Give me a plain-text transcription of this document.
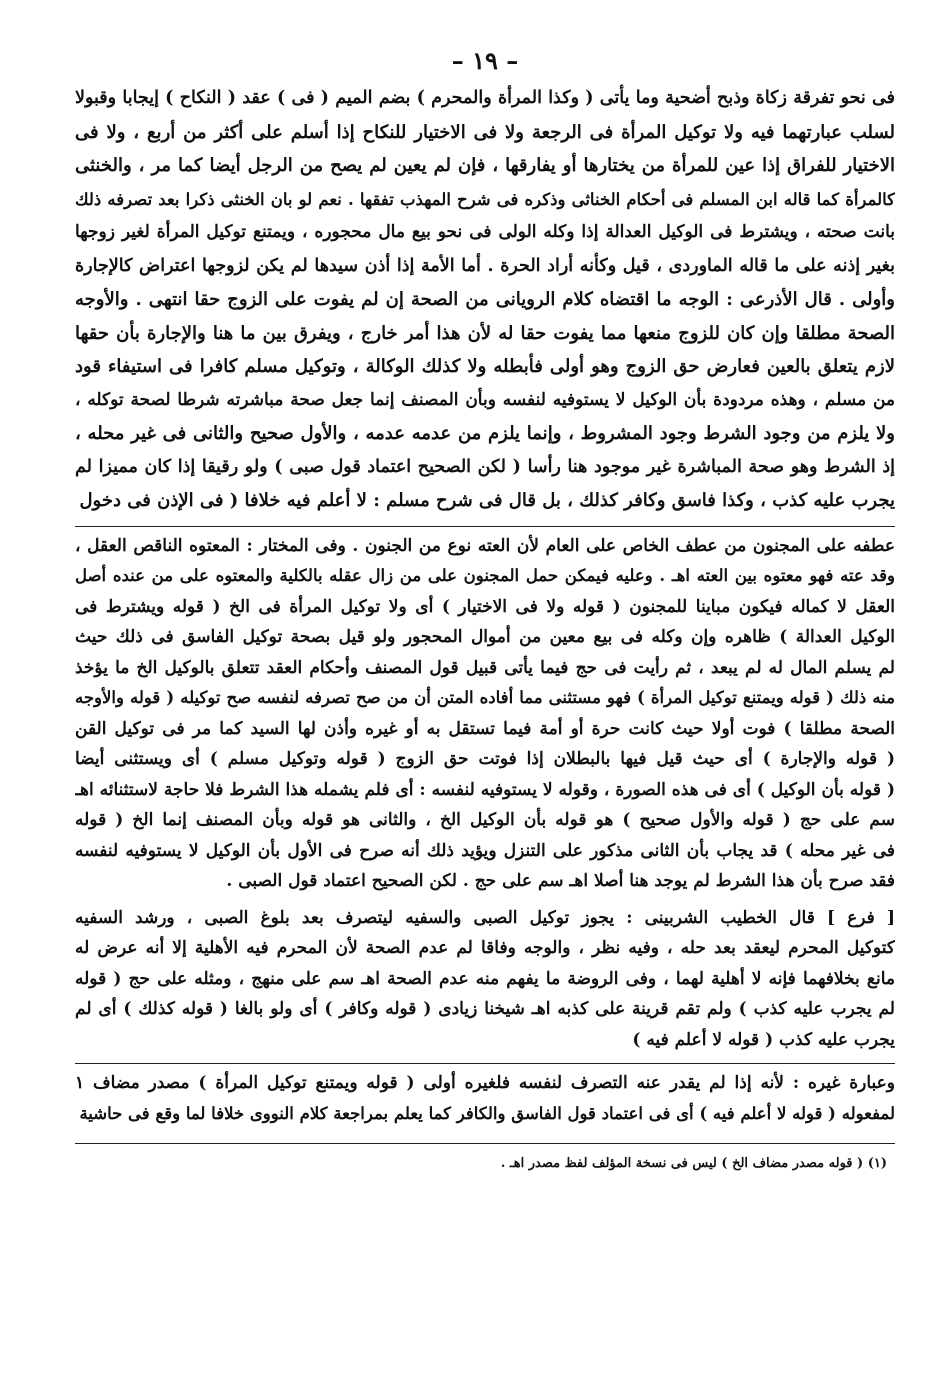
– ١٩ –
فى نحو تفرقة زكاة وذبح أضحية وما يأتى ( وكذا المرأة والمحرم ) بضم الميم ( فى ) عقد ( النكاح ) إيجابا وقبولا
لسلب عبارتهما فيه ولا توكيل المرأة فى الرجعة ولا فى الاختيار للنكاح إذا أسلم على أكثر من أربع ، ولا فى
الاختيار للفراق إذا عين للمرأة من يختارها أو يفارقها ، فإن لم يعين لم يصح من الرجل أيضا كما مر ، والخنثى
كالمرأة كما قاله ابن المسلم فى أحكام الخناثى وذكره فى شرح المهذب تفقها . نعم لو بان الخنثى ذكرا بعد تصرفه ذلك
بانت صحته ، ويشترط فى الوكيل العدالة إذا وكله الولى فى نحو بيع مال محجوره ، ويمتنع توكيل المرأة لغير زوجها
بغير إذنه على ما قاله الماوردى ، قيل وكأنه أراد الحرة . أما الأمة إذا أذن سيدها لم يكن لزوجها اعتراض كالإجارة
وأولى . قال الأذرعى : الوجه ما اقتضاه كلام الرويانى من الصحة إن لم يفوت على الزوج حقا انتهى . والأوجه
الصحة مطلقا وإن كان للزوج منعها مما يفوت حقا له لأن هذا أمر خارج ، ويفرق بين ما هنا والإجارة بأن حقها
لازم يتعلق بالعين فعارض حق الزوج وهو أولى فأبطله ولا كذلك الوكالة ، وتوكيل مسلم كافرا فى استيفاء قود
من مسلم ، وهذه مردودة بأن الوكيل لا يستوفيه لنفسه وبأن المصنف إنما جعل صحة مباشرته شرطا لصحة توكله ،
ولا يلزم من وجود الشرط وجود المشروط ، وإنما يلزم من عدمه عدمه ، والأول صحيح والثانى فى غير محله ،
إذ الشرط وهو صحة المباشرة غير موجود هنا رأسا ( لكن الصحيح اعتماد قول صبى ) ولو رقيقا إذا كان مميزا لم
يجرب عليه كذب ، وكذا فاسق وكافر كذلك ، بل قال فى شرح مسلم : لا أعلم فيه خلافا ( فى الإذن فى دخول
عطفه على المجنون من عطف الخاص على العام لأن العته نوع من الجنون . وفى المختار : المعتوه الناقص العقل ،
وقد عته فهو معتوه بين العته اهـ . وعليه فيمكن حمل المجنون على من زال عقله بالكلية والمعتوه على من عنده أصل
العقل لا كماله فيكون مباينا للمجنون ( قوله ولا فى الاختيار ) أى ولا توكيل المرأة فى الخ ( قوله ويشترط فى
الوكيل العدالة ) ظاهره وإن وكله فى بيع معين من أموال المحجور ولو قيل بصحة توكيل الفاسق فى ذلك حيث
لم يسلم المال له لم يبعد ، ثم رأيت فى حج فيما يأتى قبيل قول المصنف وأحكام العقد تتعلق بالوكيل الخ ما يؤخذ
منه ذلك ( قوله ويمتنع توكيل المرأة ) فهو مستثنى مما أفاده المتن أن من صح تصرفه لنفسه صح توكيله ( قوله والأوجه
الصحة مطلقا ) فوت أولا حيث كانت حرة أو أمة فيما تستقل به أو غيره وأذن لها السيد كما مر فى توكيل القن
( قوله والإجارة ) أى حيث قيل فيها بالبطلان إذا فوتت حق الزوج ( قوله وتوكيل مسلم ) أى ويستثنى أيضا
( قوله بأن الوكيل ) أى فى هذه الصورة ، وقوله لا يستوفيه لنفسه : أى فلم يشمله هذا الشرط فلا حاجة لاستثنائه اهـ
سم على حج ( قوله والأول صحيح ) هو قوله بأن الوكيل الخ ، والثانى هو قوله وبأن المصنف إنما الخ ( قوله
فى غير محله ) قد يجاب بأن الثانى مذكور على التنزل ويؤيد ذلك أنه صرح فى الأول بأن الوكيل لا يستوفيه لنفسه
فقد صرح بأن هذا الشرط لم يوجد هنا أصلا اهـ سم على حج . لكن الصحيح اعتماد قول الصبى .
[ فرع ] قال الخطيب الشربينى : يجوز توكيل الصبى والسفيه ليتصرف بعد بلوغ الصبى ، ورشد السفيه
كتوكيل المحرم ليعقد بعد حله ، وفيه نظر ، والوجه وفاقا لم عدم الصحة لأن المحرم فيه الأهلية إلا أنه عرض له
مانع بخلافهما فإنه لا أهلية لهما ، وفى الروضة ما يفهم منه عدم الصحة اهـ سم على منهج ، ومثله على حج ( قوله
لم يجرب عليه كذب ) ولم تقم قرينة على كذبه اهـ شيخنا زيادى ( قوله وكافر ) أى ولو بالغا ( قوله كذلك ) أى لم
يجرب عليه كذب ( قوله لا أعلم فيه )
وعبارة غيره : لأنه إذا لم يقدر عنه التصرف لنفسه فلغيره أولى ( قوله ويمتنع توكيل المرأة ) مصدر مضاف ١
لمفعوله ( قوله لا أعلم فيه ) أى فى اعتماد قول الفاسق والكافر كما يعلم بمراجعة كلام النووى خلافا لما وقع فى حاشية
(١) ( قوله مصدر مضاف الخ ) ليس فى نسخة المؤلف لفظ مصدر اهـ .
